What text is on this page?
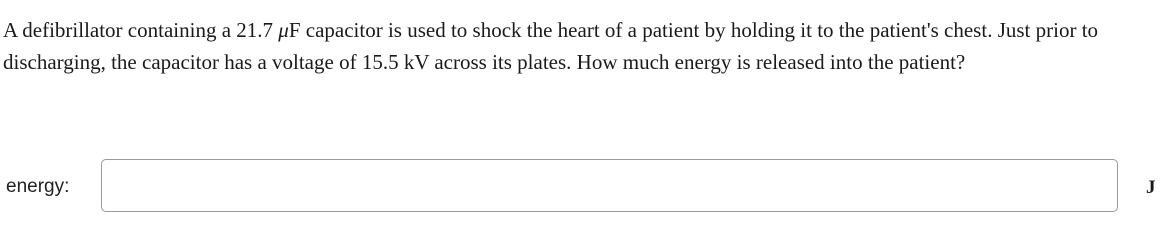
A defibrillator containing a 21.7 μF capacitor is used to shock the heart of a patient by holding it to the patient's chest. Just prior to discharging, the capacitor has a voltage of 15.5 kV across its plates. How much energy is released into the patient?
energy:	J
